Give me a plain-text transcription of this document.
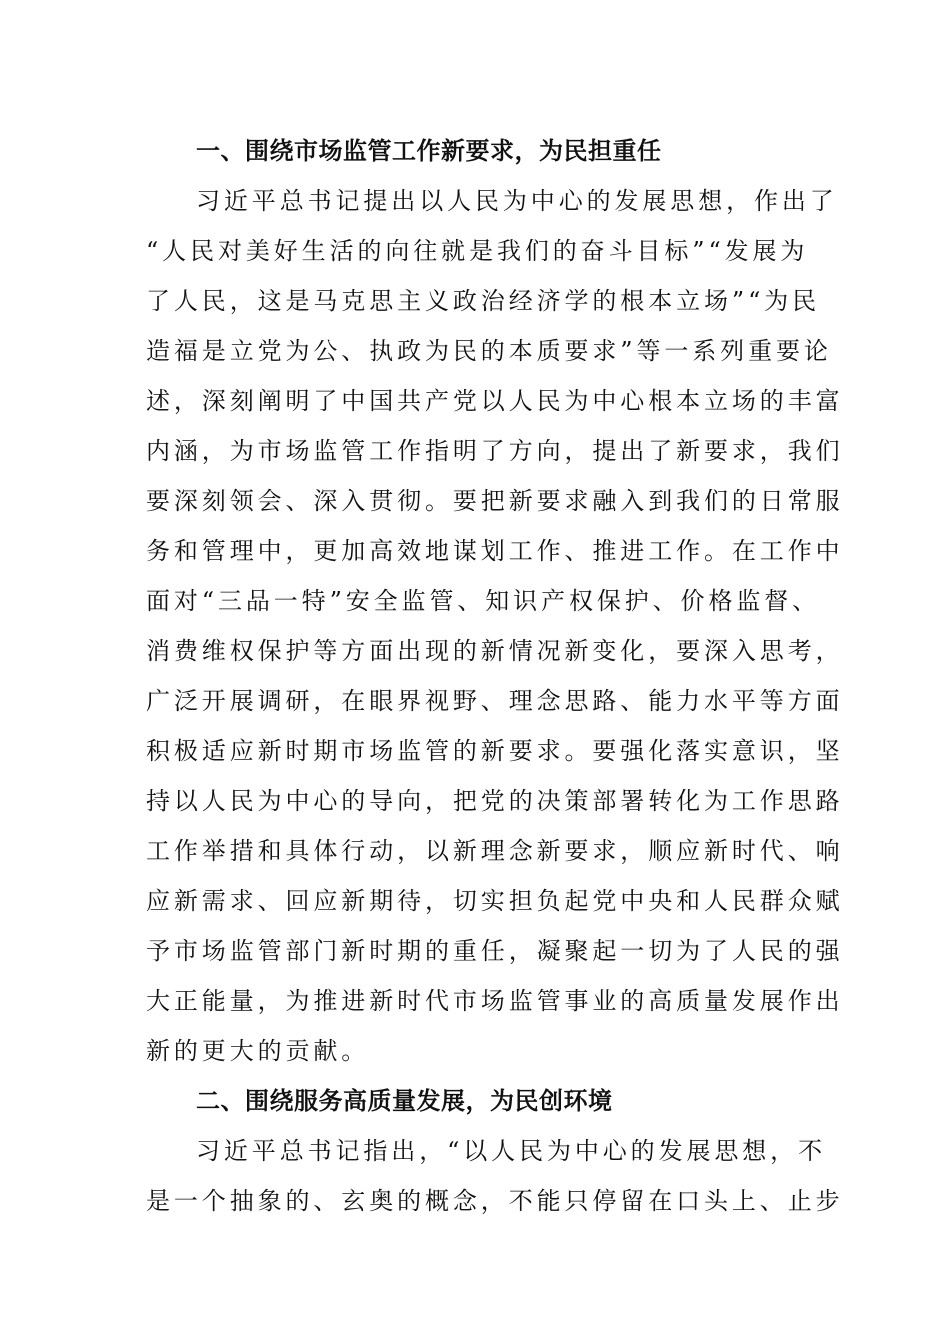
一、围绕市场监管工作新要求，为民担重任
习近平总书记提出以人民为中心的发展思想，作出了
“人民对美好生活的向往就是我们的奋斗目标”“发展为
了人民，这是马克思主义政治经济学的根本立场”“为民
造福是立党为公、执政为民的本质要求”等一系列重要论
述，深刻阐明了中国共产党以人民为中心根本立场的丰富
内涵，为市场监管工作指明了方向，提出了新要求，我们
要深刻领会、深入贯彻。要把新要求融入到我们的日常服
务和管理中，更加高效地谋划工作、推进工作。在工作中
面对“三品一特”安全监管、知识产权保护、价格监督、
消费维权保护等方面出现的新情况新变化，要深入思考，
广泛开展调研，在眼界视野、理念思路、能力水平等方面
积极适应新时期市场监管的新要求。要强化落实意识，坚
持以人民为中心的导向，把党的决策部署转化为工作思路
工作举措和具体行动，以新理念新要求，顺应新时代、响
应新需求、回应新期待，切实担负起党中央和人民群众赋
予市场监管部门新时期的重任，凝聚起一切为了人民的强
大正能量，为推进新时代市场监管事业的高质量发展作出
新的更大的贡献。
二、围绕服务高质量发展，为民创环境
习近平总书记指出，“以人民为中心的发展思想，不
是一个抽象的、玄奥的概念，不能只停留在口头上、止步
